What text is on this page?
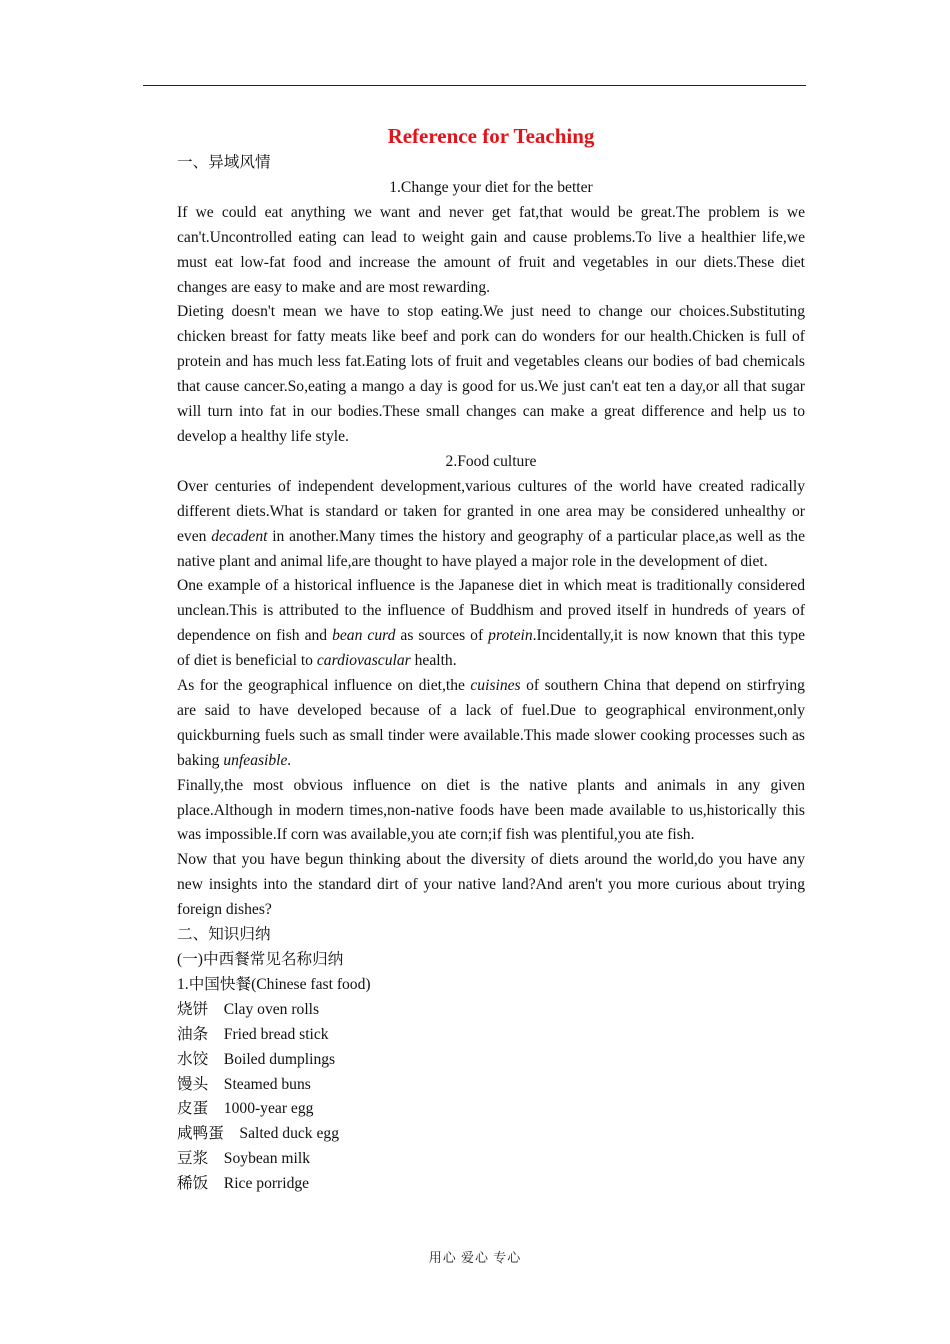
Reference for Teaching
一、异域风情
1.Change your diet for the better
If we could eat anything we want and never get fat,that would be great.The problem is we can't.Uncontrolled eating can lead to weight gain and cause problems.To live a healthier life,we must eat low-fat food and increase the amount of fruit and vegetables in our diets.These diet changes are easy to make and are most rewarding.
Dieting doesn't mean we have to stop eating.We just need to change our choices.Substituting chicken breast for fatty meats like beef and pork can do wonders for our health.Chicken is full of protein and has much less fat.Eating lots of fruit and vegetables cleans our bodies of bad chemicals that cause cancer.So,eating a mango a day is good for us.We just can't eat ten a day,or all that sugar will turn into fat in our bodies.These small changes can make a great difference and help us to develop a healthy life style.
2.Food culture
Over centuries of independent development,various cultures of the world have created radically different diets.What is standard or taken for granted in one area may be considered unhealthy or even decadent in another.Many times the history and geography of a particular place,as well as the native plant and animal life,are thought to have played a major role in the development of diet.
One example of a historical influence is the Japanese diet in which meat is traditionally considered unclean.This is attributed to the influence of Buddhism and proved itself in hundreds of years of dependence on fish and bean curd as sources of protein.Incidentally,it is now known that this type of diet is beneficial to cardiovascular health.
As for the geographical influence on diet,the cuisines of southern China that depend on stirfrying are said to have developed because of a lack of fuel.Due to geographical environment,only quickburning fuels such as small tinder were available.This made slower cooking processes such as baking unfeasible.
Finally,the most obvious influence on diet is the native plants and animals in any given place.Although in modern times,non-native foods have been made available to us,historically this was impossible.If corn was available,you ate corn;if fish was plentiful,you ate fish.
Now that you have begun thinking about the diversity of diets around the world,do you have any new insights into the standard dirt of your native land?And aren't you more curious about trying foreign dishes?
二、知识归纳
(一)中西餐常见名称归纳
1.中国快餐(Chinese fast food)
烧饼 Clay oven rolls
油条 Fried bread stick
水饺 Boiled dumplings
馒头 Steamed buns
皮蛋 1000-year egg
咸鸭蛋 Salted duck egg
豆浆 Soybean milk
稀饭 Rice porridge
用心 爱心 专心
